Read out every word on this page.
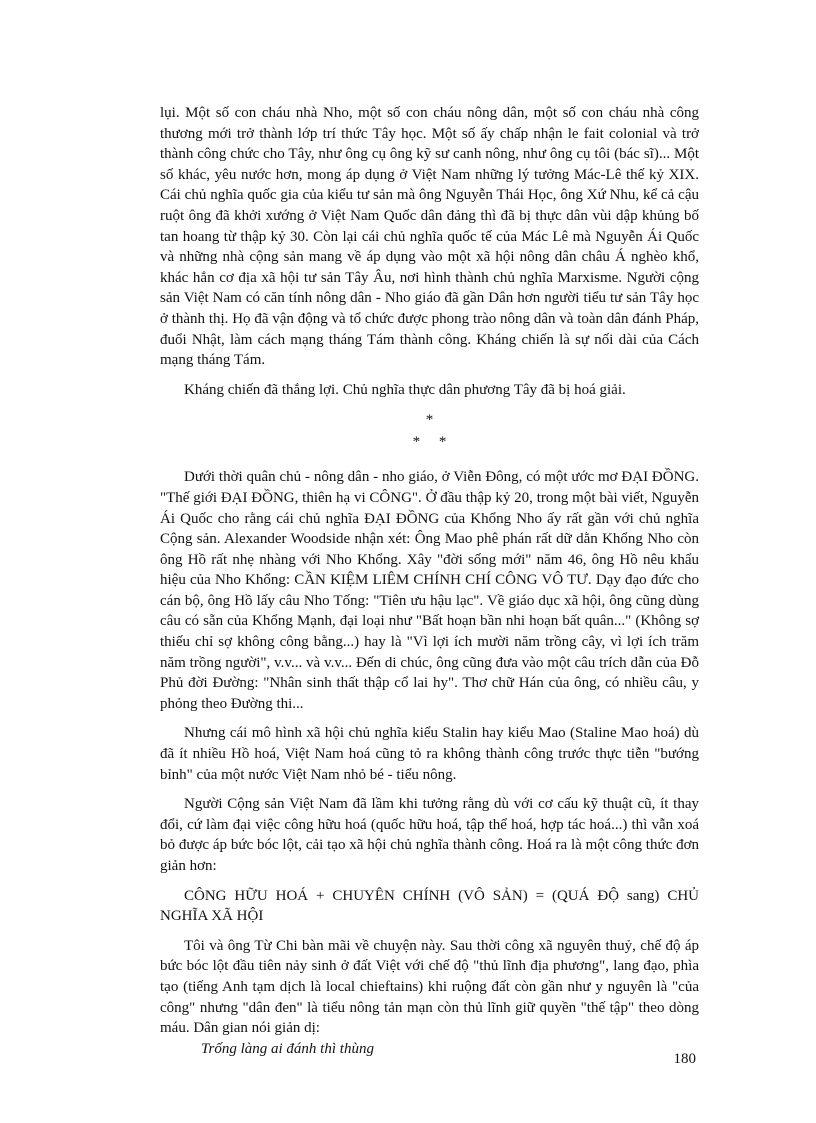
lụi. Một số con cháu nhà Nho, một số con cháu nông dân, một số con cháu nhà công thương mới trở thành lớp trí thức Tây học. Một số ấy chấp nhận le fait colonial và trở thành công chức cho Tây, như ông cụ ông kỹ sư canh nông, như ông cụ tôi (bác sĩ)... Một số khác, yêu nước hơn, mong áp dụng ở Việt Nam những lý tưởng Mác-Lê thế kỷ XIX. Cái chủ nghĩa quốc gia của kiểu tư sản mà ông Nguyễn Thái Học, ông Xứ Nhu, kể cả cậu ruột ông đã khởi xướng ở Việt Nam Quốc dân đảng thì đã bị thực dân vùi dập khủng bố tan hoang từ thập kỷ 30. Còn lại cái chủ nghĩa quốc tế của Mác Lê mà Nguyễn Ái Quốc và những nhà cộng sản mang về áp dụng vào một xã hội nông dân châu Á nghèo khổ, khác hẳn cơ địa xã hội tư sản Tây Âu, nơi hình thành chủ nghĩa Marxisme. Người cộng sản Việt Nam có căn tính nông dân - Nho giáo đã gần Dân hơn người tiểu tư sản Tây học ở thành thị. Họ đã vận động và tổ chức được phong trào nông dân và toàn dân đánh Pháp, đuổi Nhật, làm cách mạng tháng Tám thành công. Kháng chiến là sự nối dài của Cách mạng tháng Tám.

Kháng chiến đã thắng lợi. Chủ nghĩa thực dân phương Tây đã bị hoá giải.

*

*     *

Dưới thời quân chủ - nông dân - nho giáo, ở Viễn Đông, có một ước mơ ĐẠI ĐỒNG. "Thế giới ĐẠI ĐỒNG, thiên hạ vi CÔNG". Ở đầu thập kỷ 20, trong một bài viết, Nguyễn Ái Quốc cho rằng cái chủ nghĩa ĐẠI ĐỒNG của Khổng Nho ấy rất gần với chủ nghĩa Cộng sản. Alexander Woodside nhận xét: Ông Mao phê phán rất dữ dằn Khổng Nho còn ông Hồ rất nhẹ nhàng với Nho Khổng. Xây "đời sống mới" năm 46, ông Hồ nêu khẩu hiệu của Nho Khổng: CẦN KIỆM LIÊM CHÍNH CHÍ CÔNG VÔ TƯ. Dạy đạo đức cho cán bộ, ông Hồ lấy câu Nho Tống: "Tiên ưu hậu lạc". Về giáo dục xã hội, ông cũng dùng câu có sẵn của Khổng Mạnh, đại loại như "Bất hoạn bần nhi hoạn bất quân..." (Không sợ thiếu chỉ sợ không công bằng...) hay là "Vì lợi ích mười năm trồng cây, vì lợi ích trăm năm trồng người", v.v... và v.v... Đến di chúc, ông cũng đưa vào một câu trích dẫn của Đỗ Phủ đời Đường: "Nhân sinh thất thập cổ lai hy". Thơ chữ Hán của ông, có nhiều câu, y phỏng theo Đường thi...

Nhưng cái mô hình xã hội chủ nghĩa kiểu Stalin hay kiểu Mao (Staline Mao hoá) dù đã ít nhiều Hồ hoá, Việt Nam hoá cũng tỏ ra không thành công trước thực tiễn "bướng bỉnh" của một nước Việt Nam nhỏ bé - tiểu nông.

Người Cộng sản Việt Nam đã lầm khi tưởng rằng dù với cơ cấu kỹ thuật cũ, ít thay đổi, cứ làm đại việc công hữu hoá (quốc hữu hoá, tập thể hoá, hợp tác hoá...) thì vẫn xoá bỏ được áp bức bóc lột, cải tạo xã hội chủ nghĩa thành công. Hoá ra là một công thức đơn giản hơn:

CÔNG HỮU HOÁ + CHUYÊN CHÍNH (VÔ SẢN) = (QUÁ ĐỘ sang) CHỦ NGHĨA XÃ HỘI

Tôi và ông Từ Chi bàn mãi về chuyện này. Sau thời công xã nguyên thuỷ, chế độ áp bức bóc lột đầu tiên nảy sinh ở đất Việt với chế độ "thủ lĩnh địa phương", lang đạo, phìa tạo (tiếng Anh tạm dịch là local chieftains) khi ruộng đất còn gần như y nguyên là "của công" nhưng "dân đen" là tiểu nông tản mạn còn thủ lĩnh giữ quyền "thế tập" theo dòng máu. Dân gian nói giản dị:

Trống làng ai đánh thì thùng

180
